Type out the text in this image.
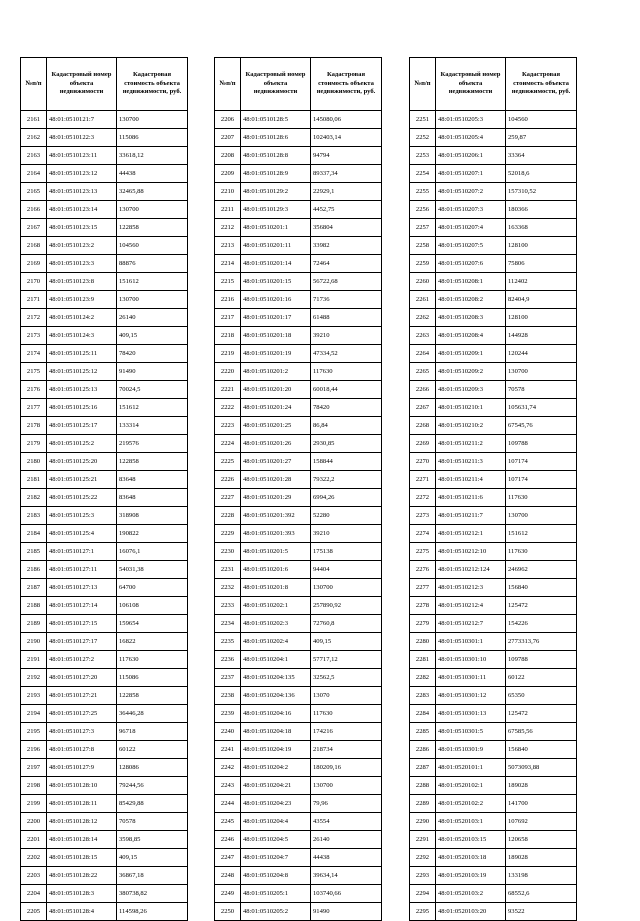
№п/п	Кадастровый номер объекта недвижимости	Кадастровая стоимость объекта недвижимости, руб.
2161	48:01:0510121:7	130700
2162	48:01:0510122:3	115086
2163	48:01:0510123:11	33618,12
2164	48:01:0510123:12	44438
2165	48:01:0510123:13	32465,88
2166	48:01:0510123:14	130700
2167	48:01:0510123:15	122858
2168	48:01:0510123:2	104560
2169	48:01:0510123:3	88876
2170	48:01:0510123:8	151612
2171	48:01:0510123:9	130700
2172	48:01:0510124:2	26140
2173	48:01:0510124:3	409,15
2174	48:01:0510125:11	78420
2175	48:01:0510125:12	91490
2176	48:01:0510125:13	70024,5
2177	48:01:0510125:16	151612
2178	48:01:0510125:17	133314
2179	48:01:0510125:2	219576
2180	48:01:0510125:20	122858
2181	48:01:0510125:21	83648
2182	48:01:0510125:22	83648
2183	48:01:0510125:3	318908
2184	48:01:0510125:4	190822
2185	48:01:0510127:1	16076,1
2186	48:01:0510127:11	54031,38
2187	48:01:0510127:13	64700
2188	48:01:0510127:14	106108
2189	48:01:0510127:15	159654
2190	48:01:0510127:17	16822
2191	48:01:0510127:2	117630
2192	48:01:0510127:20	115086
2193	48:01:0510127:21	122858
2194	48:01:0510127:25	36446,28
2195	48:01:0510127:3	96718
2196	48:01:0510127:8	60122
2197	48:01:0510127:9	128086
2198	48:01:0510128:10	79244,56
2199	48:01:0510128:11	85429,88
2200	48:01:0510128:12	70578
2201	48:01:0510128:14	3598,85
2202	48:01:0510128:15	409,15
2203	48:01:0510128:22	36867,18
2204	48:01:0510128:3	380738,82
2205	48:01:0510128:4	114598,26
№п/п	Кадастровый номер объекта недвижимости	Кадастровая стоимость объекта недвижимости, руб.
2206	48:01:0510128:5	145080,06
2207	48:01:0510128:6	102403,14
2208	48:01:0510128:8	94794
2209	48:01:0510128:9	89337,34
2210	48:01:0510129:2	22929,1
2211	48:01:0510129:3	4452,75
2212	48:01:0510201:1	356804
2213	48:01:0510201:11	33982
2214	48:01:0510201:14	72464
2215	48:01:0510201:15	56722,68
2216	48:01:0510201:16	71736
2217	48:01:0510201:17	61488
2218	48:01:0510201:18	39210
2219	48:01:0510201:19	47334,52
2220	48:01:0510201:2	117630
2221	48:01:0510201:20	60018,44
2222	48:01:0510201:24	78420
2223	48:01:0510201:25	86,84
2224	48:01:0510201:26	2930,85
2225	48:01:0510201:27	158844
2226	48:01:0510201:28	79322,2
2227	48:01:0510201:29	6994,26
2228	48:01:0510201:392	52280
2229	48:01:0510201:393	39210
2230	48:01:0510201:5	175138
2231	48:01:0510201:6	94404
2232	48:01:0510201:8	130700
2233	48:01:0510202:1	257890,92
2234	48:01:0510202:3	72760,8
2235	48:01:0510202:4	409,15
2236	48:01:0510204:1	57717,12
2237	48:01:0510204:135	32562,5
2238	48:01:0510204:136	13070
2239	48:01:0510204:16	117630
2240	48:01:0510204:18	174216
2241	48:01:0510204:19	218734
2242	48:01:0510204:2	180209,16
2243	48:01:0510204:21	130700
2244	48:01:0510204:23	79,96
2245	48:01:0510204:4	43554
2246	48:01:0510204:5	26140
2247	48:01:0510204:7	44438
2248	48:01:0510204:8	39634,14
2249	48:01:0510205:1	103740,66
2250	48:01:0510205:2	91490
№п/п	Кадастровый номер объекта недвижимости	Кадастровая стоимость объекта недвижимости, руб.
2251	48:01:0510205:3	104560
2252	48:01:0510205:4	259,87
2253	48:01:0510206:1	33364
2254	48:01:0510207:1	52018,6
2255	48:01:0510207:2	157310,52
2256	48:01:0510207:3	180366
2257	48:01:0510207:4	163368
2258	48:01:0510207:5	128100
2259	48:01:0510207:6	75806
2260	48:01:0510208:1	112402
2261	48:01:0510208:2	82404,9
2262	48:01:0510208:3	128100
2263	48:01:0510208:4	144928
2264	48:01:0510209:1	120244
2265	48:01:0510209:2	130700
2266	48:01:0510209:3	70578
2267	48:01:0510210:1	105631,74
2268	48:01:0510210:2	67545,76
2269	48:01:0510211:2	109788
2270	48:01:0510211:3	107174
2271	48:01:0510211:4	107174
2272	48:01:0510211:6	117630
2273	48:01:0510211:7	130700
2274	48:01:0510212:1	151612
2275	48:01:0510212:10	117630
2276	48:01:0510212:124	246962
2277	48:01:0510212:3	156840
2278	48:01:0510212:4	125472
2279	48:01:0510212:7	154226
2280	48:01:0510301:1	2773313,76
2281	48:01:0510301:10	109788
2282	48:01:0510301:11	60122
2283	48:01:0510301:12	65350
2284	48:01:0510301:13	125472
2285	48:01:0510301:5	67585,56
2286	48:01:0510301:9	156840
2287	48:01:0520101:1	5073093,88
2288	48:01:0520102:1	189028
2289	48:01:0520102:2	141700
2290	48:01:0520103:1	107692
2291	48:01:0520103:15	120658
2292	48:01:0520103:18	189028
2293	48:01:0520103:19	133198
2294	48:01:0520103:2	68552,6
2295	48:01:0520103:20	93522
